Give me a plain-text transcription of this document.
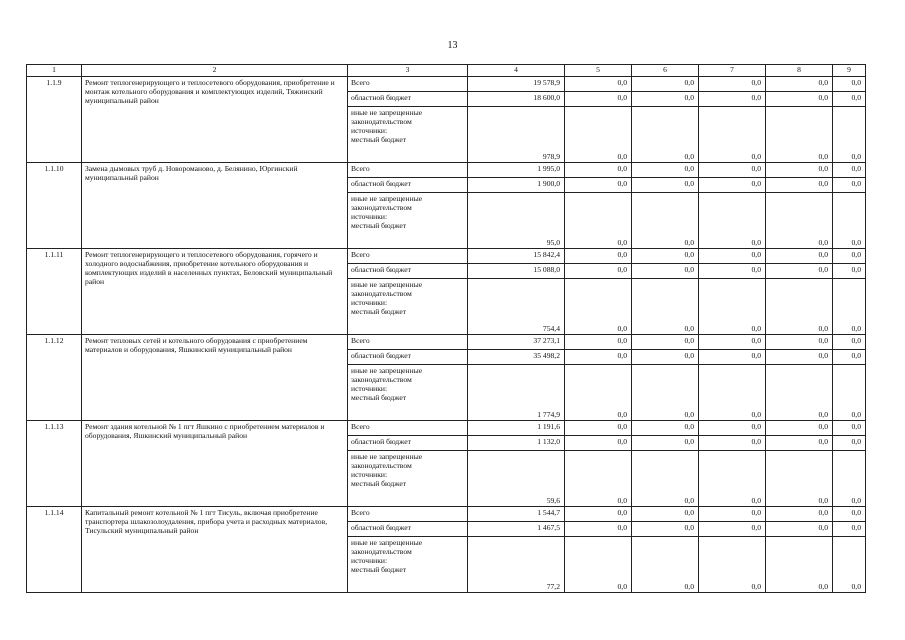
13
1	2	3	4	5	6	7	8	9
1.1.9	Ремонт теплогенерирующего и теплосетевого оборудования, приобретение и монтаж котельного оборудования и комплектующих изделий, Тяжинский муниципальный район	Всего	19 578,9	0,0	0,0	0,0	0,0	0,0
		областной бюджет	18 600,0	0,0	0,0	0,0	0,0	0,0

		иные не запрещенные
законодательством
источники:
местный бюджет	978,9	0,0	0,0	0,0	0,0	0,0
1.1.10	Замена дымовых труб д. Новороманово, д. Белянино, Юргинский муниципальный район	Всего	1 995,0	0,0	0,0	0,0	0,0	0,0
		областной бюджет	1 900,0	0,0	0,0	0,0	0,0	0,0

		иные не запрещенные
законодательством
источники:
местный бюджет	95,0	0,0	0,0	0,0	0,0	0,0
1.1.11	Ремонт теплогенерирующего и теплосетевого оборудования, горячего и холодного водоснабжения, приобретение котельного оборудования и комплектующих изделий в населенных пунктах, Беловский муниципальный район	Всего	15 842,4	0,0	0,0	0,0	0,0	0,0
		областной бюджет	15 088,0	0,0	0,0	0,0	0,0	0,0

		иные не запрещенные
законодательством
источники:
местный бюджет	754,4	0,0	0,0	0,0	0,0	0,0
1.1.12	Ремонт тепловых сетей и котельного оборудования с приобретением материалов и оборудования, Яшкинский муниципальный район	Всего	37 273,1	0,0	0,0	0,0	0,0	0,0
		областной бюджет	35 498,2	0,0	0,0	0,0	0,0	0,0

		иные не запрещенные
законодательством
источники:
местный бюджет	1 774,9	0,0	0,0	0,0	0,0	0,0
1.1.13	Ремонт здания котельной № 1 пгт Яшкино с приобретением материалов и оборудования, Яшкинский муниципальный район	Всего	1 191,6	0,0	0,0	0,0	0,0	0,0
		областной бюджет	1 132,0	0,0	0,0	0,0	0,0	0,0

		иные не запрещенные
законодательством
источники:
местный бюджет	59,6	0,0	0,0	0,0	0,0	0,0
1.1.14	Капитальный ремонт котельной № 1 пгт Тисуль, включая приобретение транспортера шлакозолоудаления, прибора учета и расходных материалов, Тисульский муниципальный район	Всего	1 544,7	0,0	0,0	0,0	0,0	0,0
		областной бюджет	1 467,5	0,0	0,0	0,0	0,0	0,0

		иные не запрещенные
законодательством
источники:
местный бюджет	77,2	0,0	0,0	0,0	0,0	0,0
